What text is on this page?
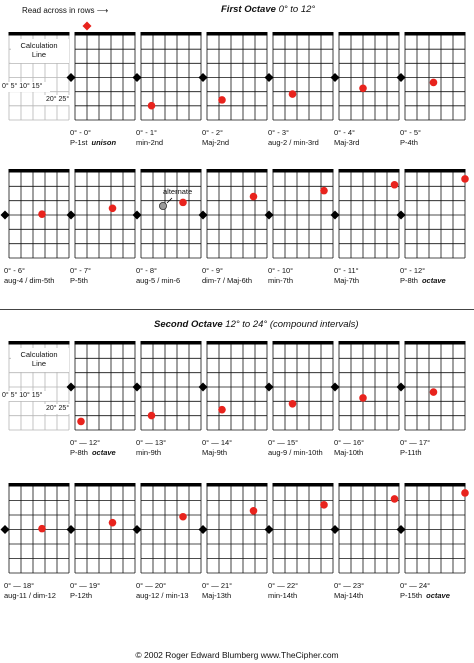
Read across in rows ⟶	First Octave 0° to 12°
Second Octave 12° to 24° (compound intervals)
Calculation
Line
0° 5° 10° 15°
20° 25°
0° - 0°
P-1st unison
0° - 1°
min-2nd
0° - 2°
Maj-2nd
0° - 3°
aug-2 / min-3rd
0° - 4°
Maj-3rd
0° - 5°
P-4th
0° - 6°
aug-4 / dim-5th
0° - 7°
P-5th
alternate
0° - 8°
aug-5 / min-6
0° - 9°
dim-7 / Maj-6th
0° - 10°
min-7th
0° - 11°
Maj-7th
0° - 12°
P-8th octave
Calculation
Line
0° 5° 10° 15°
20° 25°
0° — 12°
P-8th octave
0° — 13°
min-9th
0° — 14°
Maj-9th
0° — 15°
aug-9 / min-10th
0° — 16°
Maj-10th
0° — 17°
P-11th
0° — 18°
aug-11 / dim-12
0° — 19°
P-12th
0° — 20°
aug-12 / min-13
0° — 21°
Maj-13th
0° — 22°
min-14th
0° — 23°
Maj-14th
0° — 24°
P-15th octave
© 2002 Roger Edward Blumberg www.TheCipher.com
